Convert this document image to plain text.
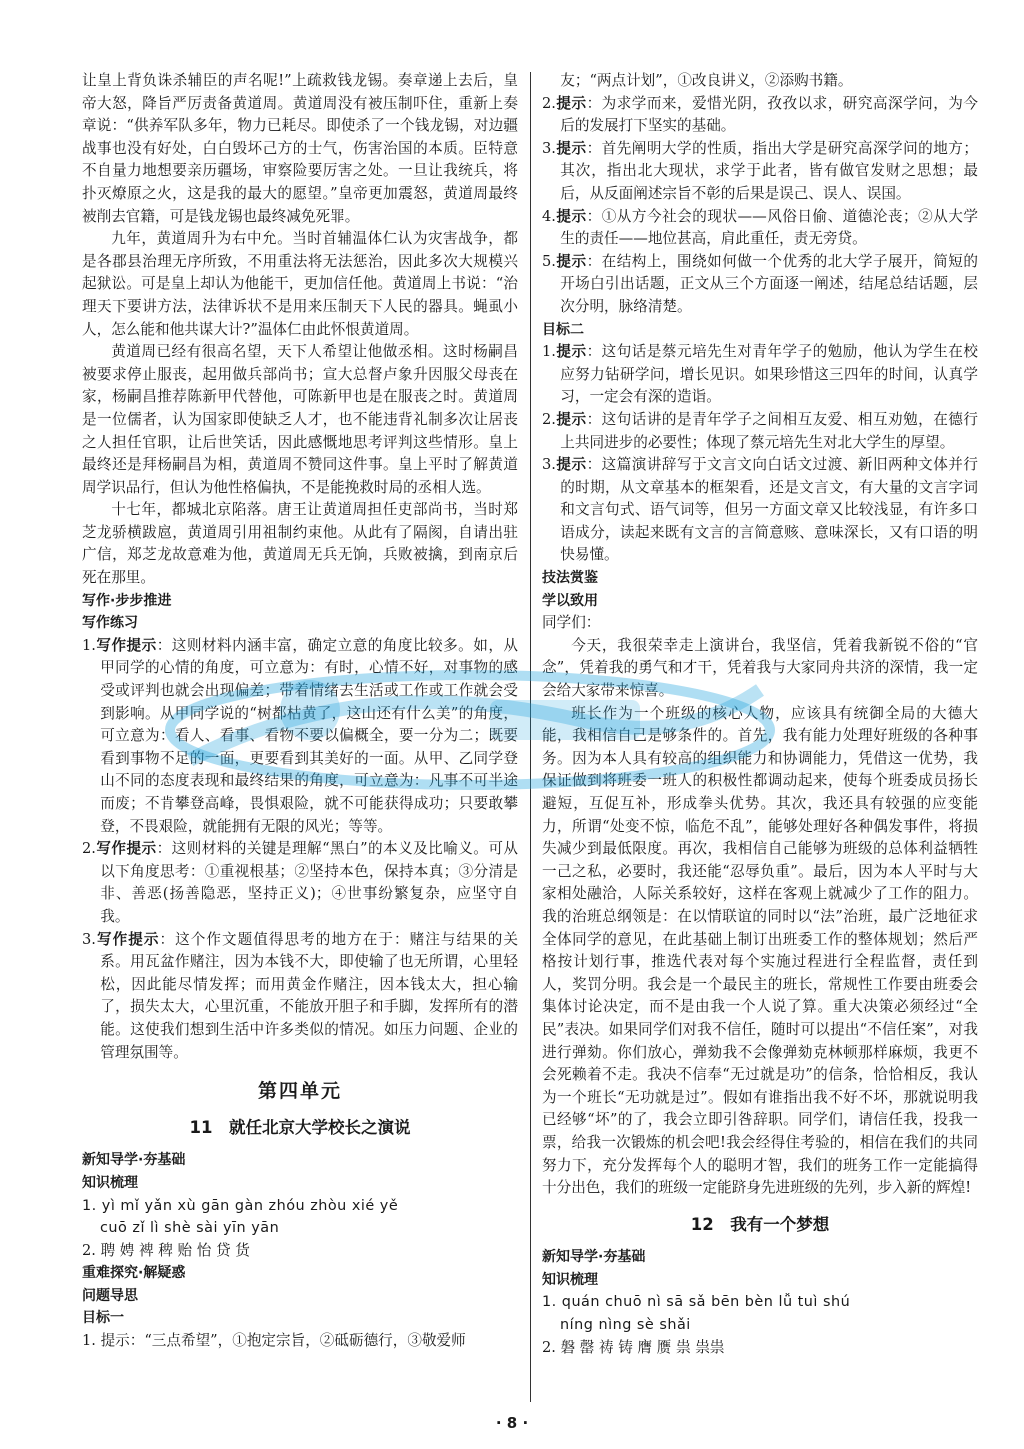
让皇上背负诛杀辅臣的声名呢!”上疏救钱龙锡。奏章递上去后，皇帝大怒，降旨严厉责备黄道周。黄道周没有被压制吓住，重新上奏章说：“供养军队多年，物力已耗尽。即使杀了一个钱龙锡，对边疆战事也没有好处，白白毁坏己方的士气，伤害治国的本质。臣特意不自量力地想要亲历疆场，审察险要厉害之处。一旦让我统兵，将扑灭燎原之火，这是我的最大的愿望。”皇帝更加震怒，黄道周最终被削去官籍，可是钱龙锡也最终减免死罪。

九年，黄道周升为右中允。当时首辅温体仁认为灾害战争，都是各郡县治理无序所致，不用重法将无法惩治，因此多次大规模兴起狱讼。可是皇上却认为他能干，更加信任他。黄道周上书说：“治理天下要讲方法，法律诉状不是用来压制天下人民的器具。蝇虱小人，怎么能和他共谋大计?”温体仁由此怀恨黄道周。

黄道周已经有很高名望，天下人希望让他做丞相。这时杨嗣昌被要求停止服丧，起用做兵部尚书；宣大总督卢象升因服父母丧在家，杨嗣昌推荐陈新甲代替他，可陈新甲也是在服丧之时。黄道周是一位儒者，认为国家即使缺乏人才，也不能违背礼制多次让居丧之人担任官职，让后世笑话，因此感慨地思考评判这些情形。皇上最终还是拜杨嗣昌为相，黄道周不赞同这件事。皇上平时了解黄道周学识品行，但认为他性格偏执，不是能挽救时局的丞相人选。

十七年，都城北京陷落。唐王让黄道周担任吏部尚书，当时郑芝龙骄横跋扈，黄道周引用祖制约束他。从此有了隔阂，自请出驻广信，郑芝龙故意难为他，黄道周无兵无饷，兵败被擒，到南京后死在那里。

写作·步步推进

写作练习

1.写作提示：这则材料内涵丰富，确定立意的角度比较多。如，从甲同学的心情的角度，可立意为：有时，心情不好，对事物的感受或评判也就会出现偏差；带着情绪去生活或工作或工作就会受到影响。从甲同学说的“树都枯黄了，这山还有什么美”的角度，可立意为：看人、看事、看物不要以偏概全，要一分为二；既要看到事物不足的一面，更要看到其美好的一面。从甲、乙同学登山不同的态度表现和最终结果的角度，可立意为：凡事不可半途而废；不肯攀登高峰，畏惧艰险，就不可能获得成功；只要敢攀登，不畏艰险，就能拥有无限的风光；等等。

2.写作提示：这则材料的关键是理解“黑白”的本义及比喻义。可从以下角度思考：①重视根基；②坚持本色，保持本真；③分清是非、善恶(扬善隐恶，坚持正义)；④世事纷繁复杂，应坚守自我。

3.写作提示：这个作文题值得思考的地方在于：赌注与结果的关系。用瓦盆作赌注，因为本钱不大，即使输了也无所谓，心里轻松，因此能尽情发挥；而用黄金作赌注，因本钱太大，担心输了，损失太大，心里沉重，不能放开胆子和手脚，发挥所有的潜能。这使我们想到生活中许多类似的情况。如压力问题、企业的管理氛围等。

第四单元
11　就任北京大学校长之演说

新知导学·夯基础

知识梳理

1. yì mǐ yǎn xù gān gàn zhóu zhòu xié yě

cuō zǐ lì shè sài yīn yān

2. 聘 娉 裨 稗 贻 怡 贷 货

重难探究·解疑惑

问题导思

目标一

1. 提示：“三点希望”，①抱定宗旨，②砥砺德行，③敬爱师

友；“两点计划”，①改良讲义，②添购书籍。

2.提示：为求学而来，爱惜光阴，孜孜以求，研究高深学问，为今后的发展打下坚实的基础。

3.提示：首先阐明大学的性质，指出大学是研究高深学问的地方；其次，指出北大现状，求学于此者，皆有做官发财之思想；最后，从反面阐述宗旨不彰的后果是误己、误人、误国。

4.提示：①从方今社会的现状——风俗日偷、道德沦丧；②从大学生的责任——地位甚高，肩此重任，责无旁贷。

5.提示：在结构上，围绕如何做一个优秀的北大学子展开，简短的开场白引出话题，正文从三个方面逐一阐述，结尾总结话题，层次分明，脉络清楚。

目标二

1.提示：这句话是蔡元培先生对青年学子的勉励，他认为学生在校应努力钻研学问，增长见识。如果珍惜这三四年的时间，认真学习，一定会有深的造诣。

2.提示：这句话讲的是青年学子之间相互友爱、相互劝勉，在德行上共同进步的必要性；体现了蔡元培先生对北大学生的厚望。

3.提示：这篇演讲辞写于文言文向白话文过渡、新旧两种文体并行的时期，从文章基本的框架看，还是文言文，有大量的文言字词和文言句式、语气词等，但另一方面文章又比较浅显，有许多口语成分，读起来既有文言的言简意赅、意味深长，又有口语的明快易懂。

技法赏鉴

学以致用

同学们：

今天，我很荣幸走上演讲台，我坚信，凭着我新锐不俗的“官念”，凭着我的勇气和才干，凭着我与大家同舟共济的深情，我一定会给大家带来惊喜。

班长作为一个班级的核心人物，应该具有统御全局的大德大能，我相信自己是够条件的。首先，我有能力处理好班级的各种事务。因为本人具有较高的组织能力和协调能力，凭借这一优势，我保证做到将班委一班人的积极性都调动起来，使每个班委成员扬长避短，互促互补，形成拳头优势。其次，我还具有较强的应变能力，所谓“处变不惊，临危不乱”，能够处理好各种偶发事件，将损失减少到最低限度。再次，我相信自己能够为班级的总体利益牺牲一己之私，必要时，我还能“忍辱负重”。最后，因为本人平时与大家相处融洽，人际关系较好，这样在客观上就减少了工作的阻力。我的治班总纲领是：在以情联谊的同时以“法”治班，最广泛地征求全体同学的意见，在此基础上制订出班委工作的整体规划；然后严格按计划行事，推选代表对每个实施过程进行全程监督，责任到人，奖罚分明。我会是一个最民主的班长，常规性工作要由班委会集体讨论决定，而不是由我一个人说了算。重大决策必须经过“全民”表决。如果同学们对我不信任，随时可以提出“不信任案”，对我进行弹劾。你们放心，弹劾我不会像弹劾克林顿那样麻烦，我更不会死赖着不走。我决不信奉“无过就是功”的信条，恰恰相反，我认为一个班长“无功就是过”。假如有谁指出我不好不坏，那就说明我已经够“坏”的了，我会立即引咎辞职。同学们，请信任我，投我一票，给我一次锻炼的机会吧!我会经得住考验的，相信在我们的共同努力下，充分发挥每个人的聪明才智，我们的班务工作一定能搞得十分出色，我们的班级一定能跻身先进班级的先列，步入新的辉煌!

12　我有一个梦想

新知导学·夯基础

知识梳理

1. quán chuō nì sā sǎ bēn bèn lǚ tuì shú

níng nìng sè shǎi

2. 磐 罄 祷 铸 膺 赝 祟 祟祟

· 8 ·
